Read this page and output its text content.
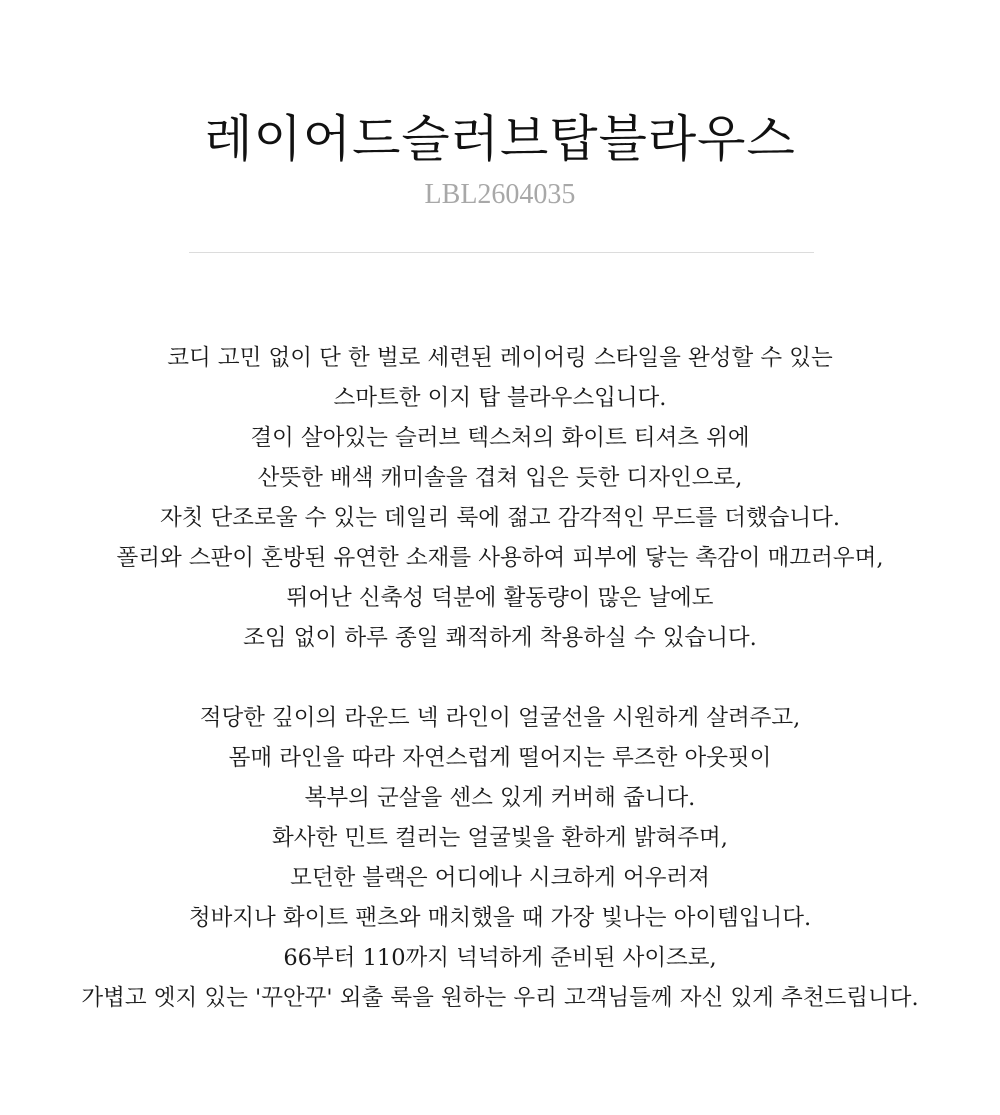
레이어드슬러브탑블라우스
LBL2604035

코디 고민 없이 단 한 벌로 세련된 레이어링 스타일을 완성할 수 있는
스마트한 이지 탑 블라우스입니다.
결이 살아있는 슬러브 텍스처의 화이트 티셔츠 위에
산뜻한 배색 캐미솔을 겹쳐 입은 듯한 디자인으로,
자칫 단조로울 수 있는 데일리 룩에 젊고 감각적인 무드를 더했습니다.
폴리와 스판이 혼방된 유연한 소재를 사용하여 피부에 닿는 촉감이 매끄러우며,
뛰어난 신축성 덕분에 활동량이 많은 날에도
조임 없이 하루 종일 쾌적하게 착용하실 수 있습니다.

적당한 깊이의 라운드 넥 라인이 얼굴선을 시원하게 살려주고,
몸매 라인을 따라 자연스럽게 떨어지는 루즈한 아웃핏이
복부의 군살을 센스 있게 커버해 줍니다.
화사한 민트 컬러는 얼굴빛을 환하게 밝혀주며,
모던한 블랙은 어디에나 시크하게 어우러져
청바지나 화이트 팬츠와 매치했을 때 가장 빛나는 아이템입니다.
66부터 110까지 넉넉하게 준비된 사이즈로,
가볍고 엣지 있는 '꾸안꾸' 외출 룩을 원하는 우리 고객님들께 자신 있게 추천드립니다.
